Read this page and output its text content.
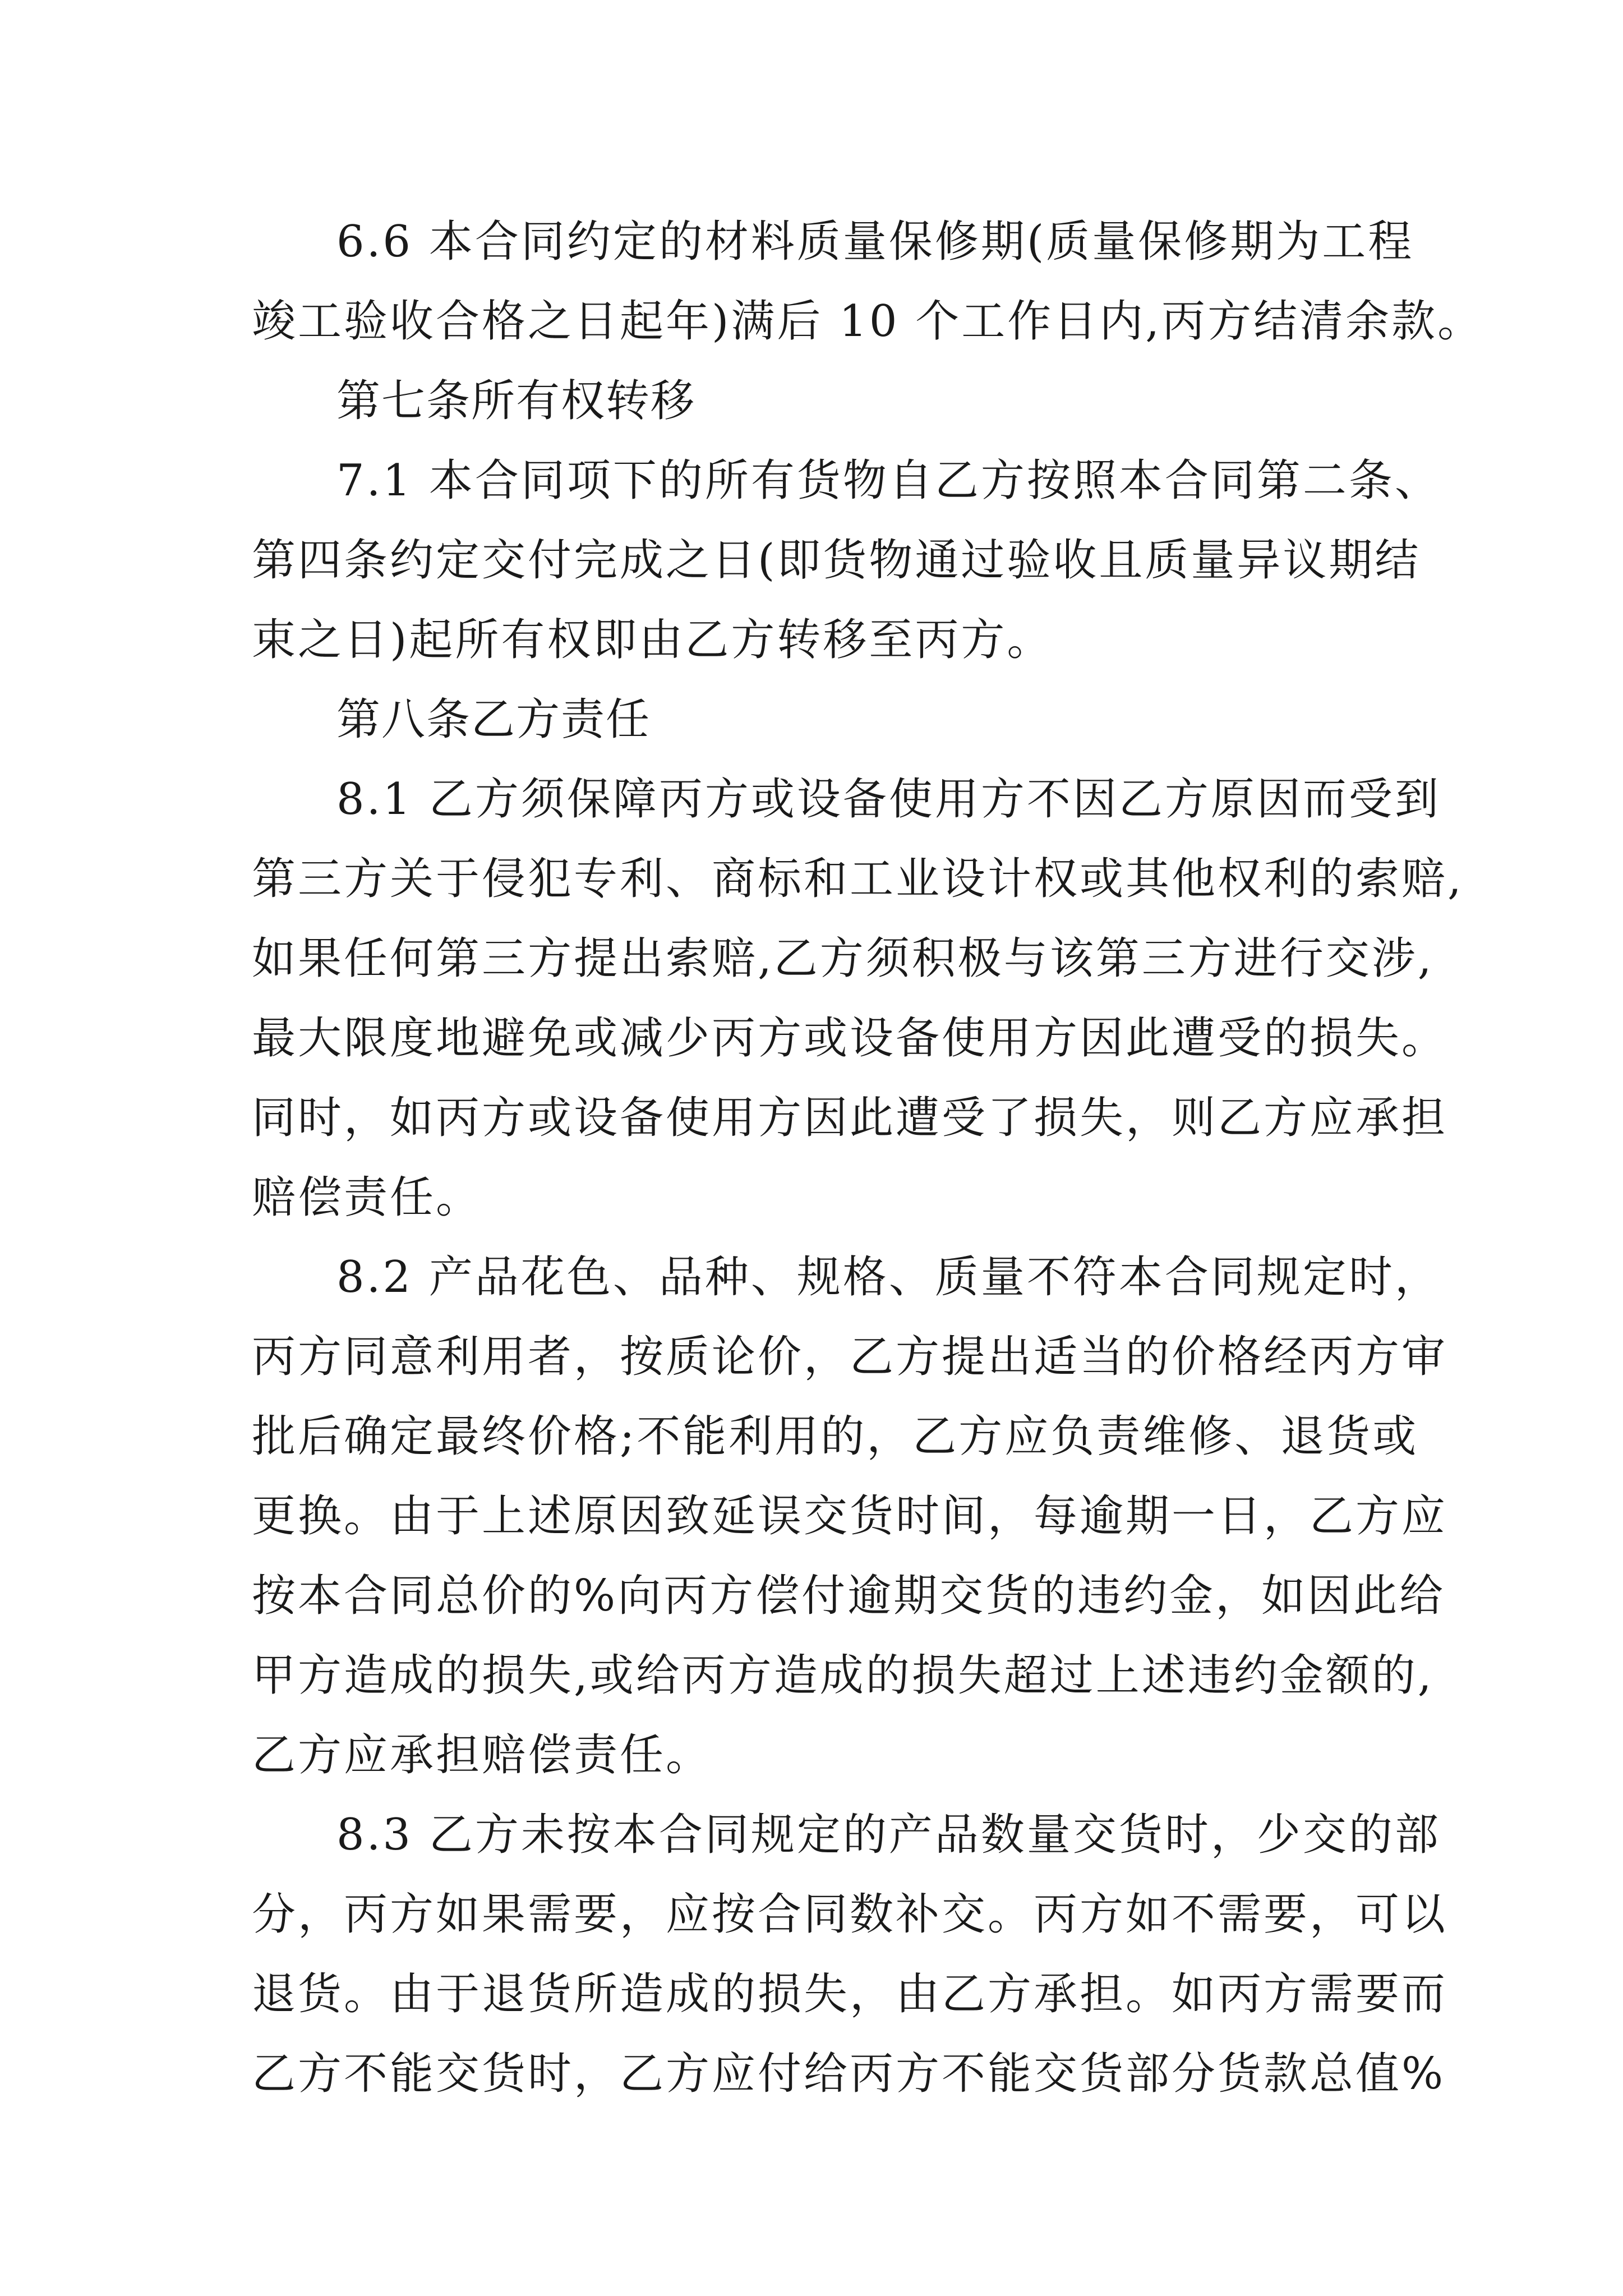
6.6 本合同约定的材料质量保修期(质量保修期为工程
竣工验收合格之日起年)满后 10 个工作日内,丙方结清余款。
第七条所有权转移
7.1 本合同项下的所有货物自乙方按照本合同第二条、
第四条约定交付完成之日(即货物通过验收且质量异议期结
束之日)起所有权即由乙方转移至丙方。
第八条乙方责任
8.1 乙方须保障丙方或设备使用方不因乙方原因而受到
第三方关于侵犯专利、商标和工业设计权或其他权利的索赔,
如果任何第三方提出索赔,乙方须积极与该第三方进行交涉,
最大限度地避免或减少丙方或设备使用方因此遭受的损失。
同时，如丙方或设备使用方因此遭受了损失，则乙方应承担
赔偿责任。
8.2 产品花色、品种、规格、质量不符本合同规定时，
丙方同意利用者，按质论价，乙方提出适当的价格经丙方审
批后确定最终价格;不能利用的，乙方应负责维修、退货或
更换。由于上述原因致延误交货时间，每逾期一日，乙方应
按本合同总价的%向丙方偿付逾期交货的违约金，如因此给
甲方造成的损失,或给丙方造成的损失超过上述违约金额的,
乙方应承担赔偿责任。
8.3 乙方未按本合同规定的产品数量交货时，少交的部
分，丙方如果需要，应按合同数补交。丙方如不需要，可以
退货。由于退货所造成的损失，由乙方承担。如丙方需要而
乙方不能交货时，乙方应付给丙方不能交货部分货款总值%
